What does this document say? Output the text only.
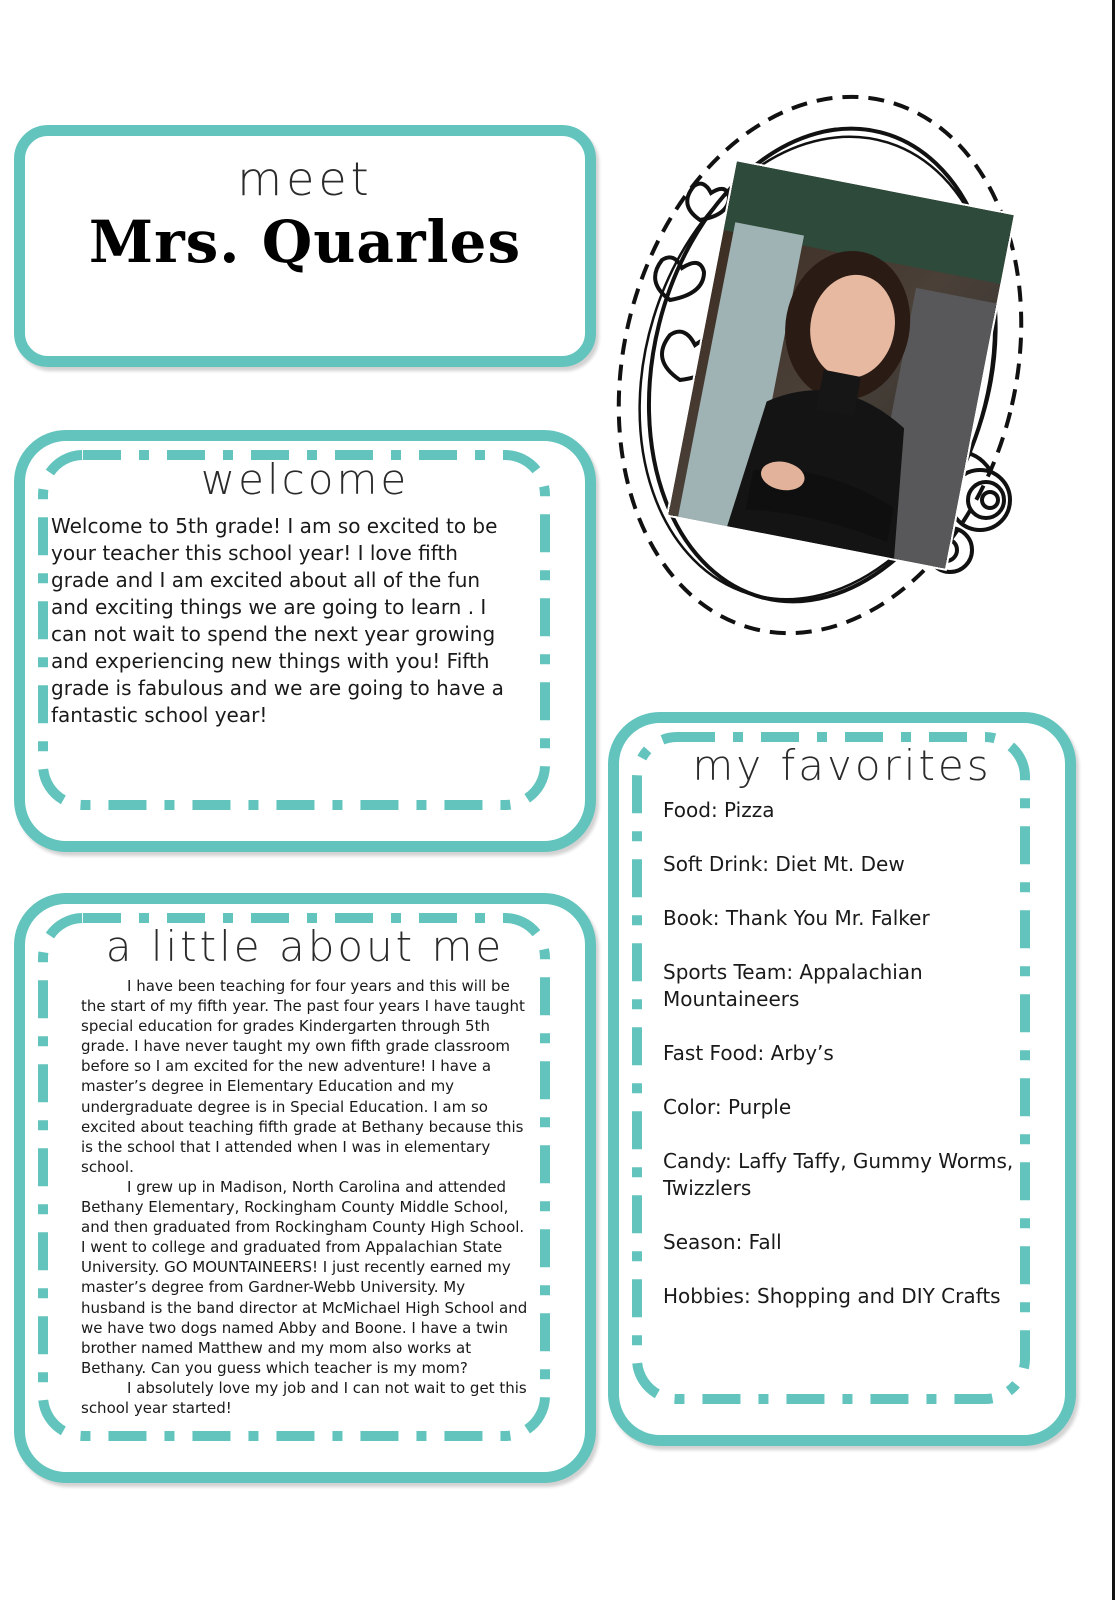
meet
Mrs. Quarles
welcome
Welcome to 5th grade! I am so excited to be your teacher this school year! I love fifth grade and I am excited about all of the fun and exciting things we are going to learn . I can not wait to spend the next year growing and experiencing new things with you! Fifth grade is fabulous and we are going to have a fantastic school year!
a little about me

I have been teaching for four years and this will be the start of my fifth year. The past four years I have taught special education for grades Kindergarten through 5th grade. I have never taught my own fifth grade classroom before so I am excited for the new adventure! I have a master’s degree in Elementary Education and my undergraduate degree is in Special Education. I am so excited about teaching fifth grade at Bethany because this is the school that I attended when I was in elementary school.

I grew up in Madison, North Carolina and attended Bethany Elementary, Rockingham County Middle School, and then graduated from Rockingham County High School. I went to college and graduated from Appalachian State University. GO MOUNTAINEERS! I just recently earned my master’s degree from Gardner-Webb University. My husband is the band director at McMichael High School and we have two dogs named Abby and Boone. I have a twin brother named Matthew and my mom also works at Bethany. Can you guess which teacher is my mom?

I absolutely love my job and I can not wait to get this school year started!

my favorites
Food: Pizza
Soft Drink: Diet Mt. Dew
Book: Thank You Mr. Falker
Sports Team: Appalachian Mountaineers
Fast Food: Arby’s
Color: Purple
Candy: Laffy Taffy, Gummy Worms, Twizzlers
Season: Fall
Hobbies: Shopping and DIY Crafts
